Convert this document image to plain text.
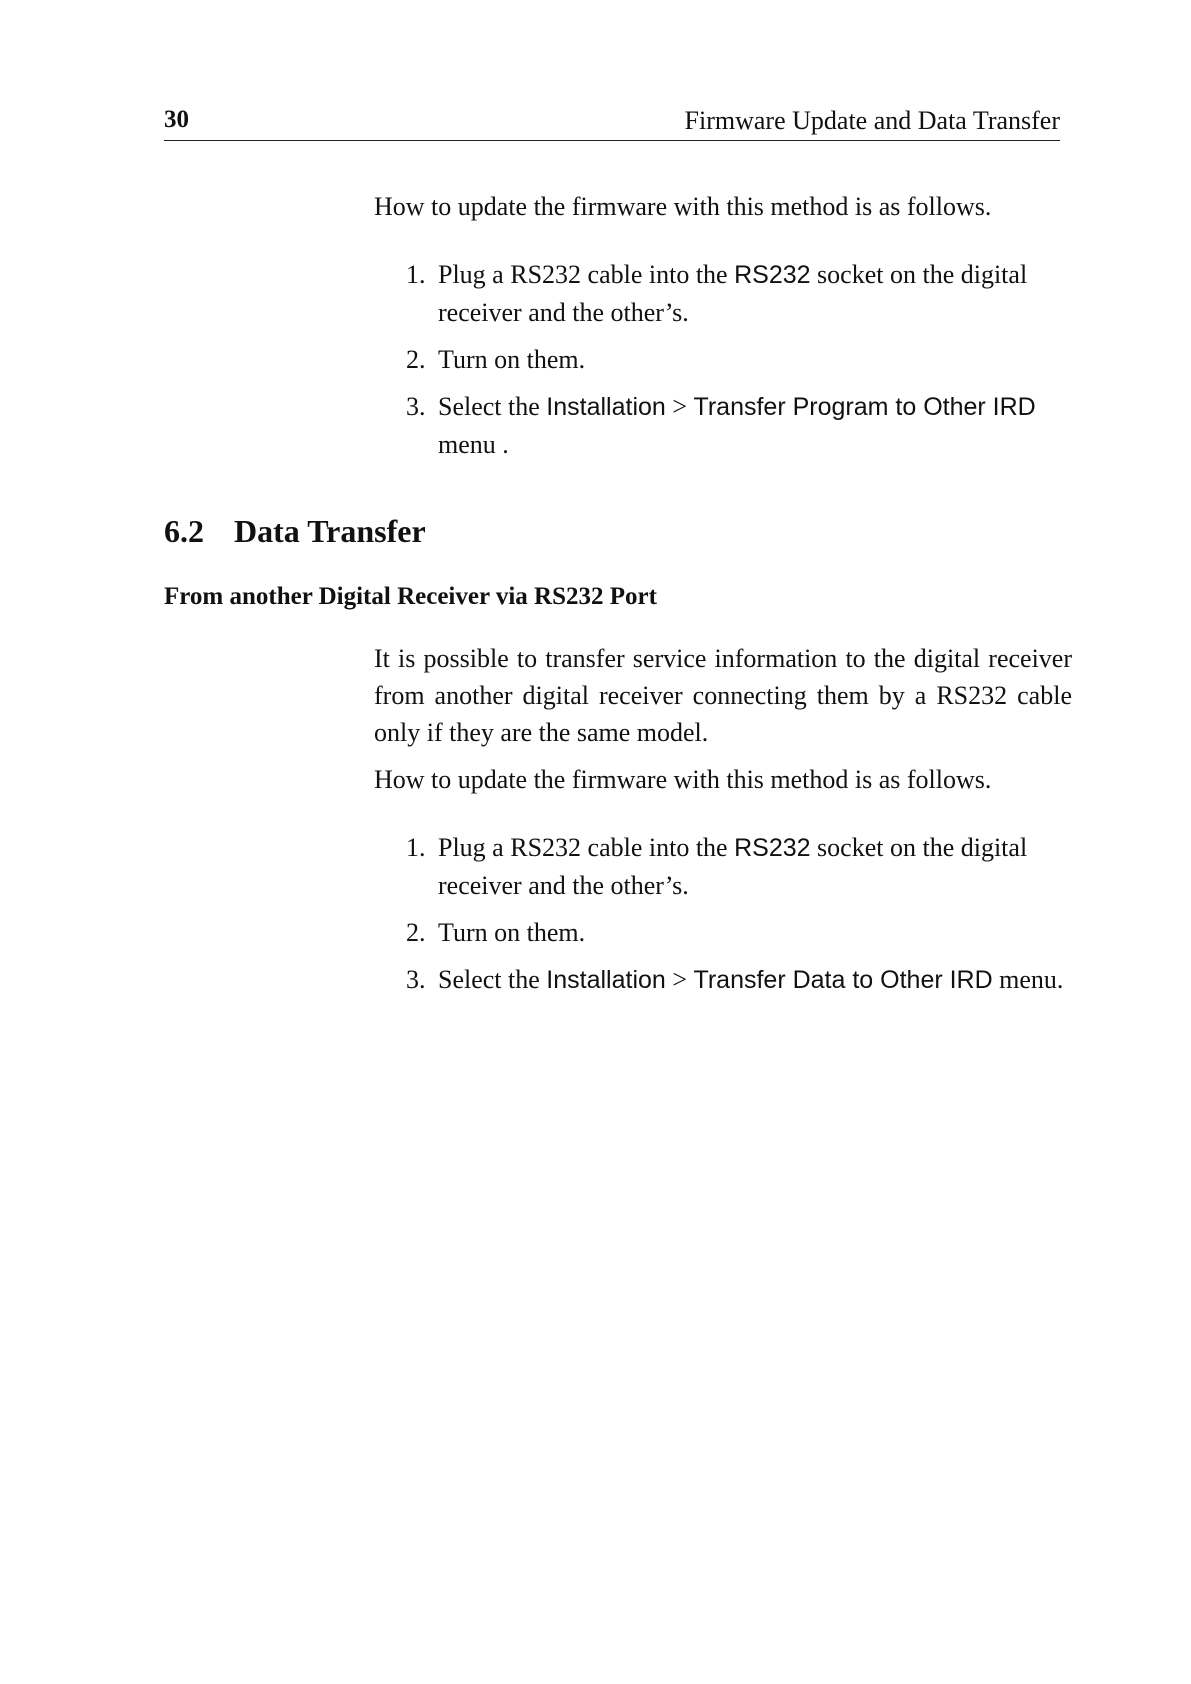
30	Firmware Update and Data Transfer

How to update the firmware with this method is as follows.

1. Plug a RS232 cable into the RS232 socket on the digital receiver and the other’s.
2. Turn on them.
3. Select the Installation > Transfer Program to Other IRD menu .
6.2 Data Transfer
From another Digital Receiver via RS232 Port

It is possible to transfer service information to the digital receiver from another digital receiver connecting them by a RS232 cable only if they are the same model.

How to update the firmware with this method is as follows.

1. Plug a RS232 cable into the RS232 socket on the digital receiver and the other’s.
2. Turn on them.
3. Select the Installation > Transfer Data to Other IRD menu.
